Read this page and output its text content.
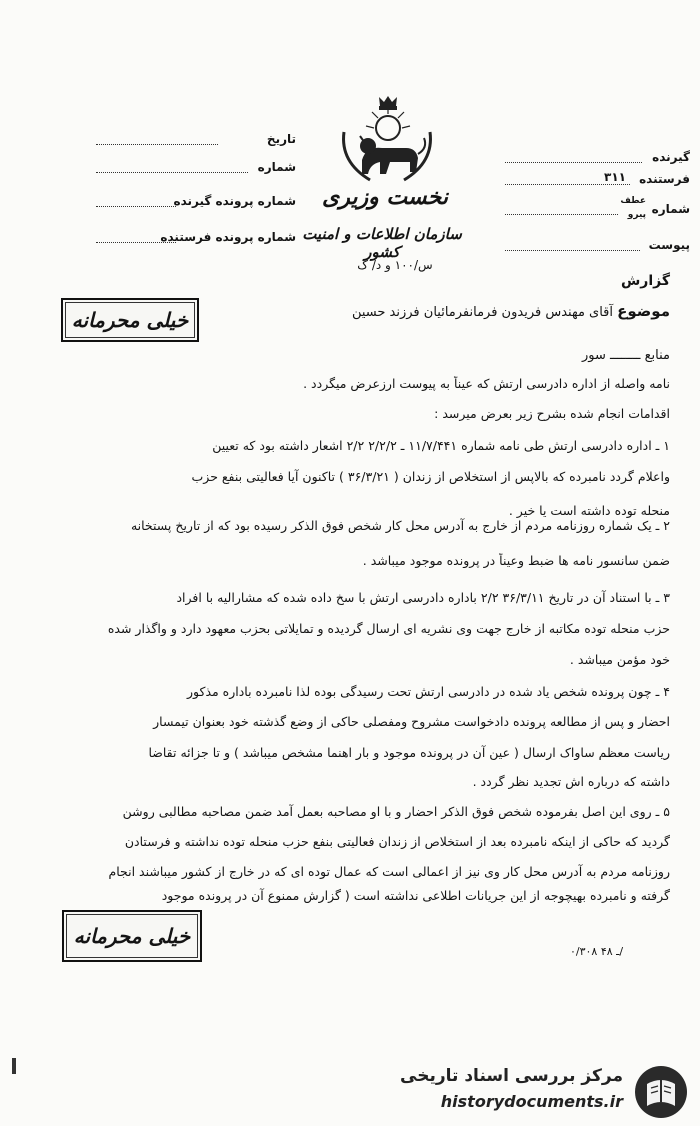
تاریخ
شماره
شماره پرونده گیرنده
شماره پرونده فرستنده
نخست وزیری
سازمان اطلاعات و امنیت کشور
س/۱۰۰ و د/ ک
گیرنده
فرستنده
۳۱۱
شماره
عطف
پیرو
پیوست
گزارش
خیلی محرمانه	موضوع آقای مهندس فریدون فرمانفرمائیان فرزند حسین
منابع ــــــــ سور
نامه واصله از اداره دادرسی ارتش که عیناً به پیوست ارزعرض میگردد .
اقدامات انجام شده بشرح زیر بعرض میرسد :
۱ ـ اداره دادرسی ارتش طی نامه شماره ۱۱/۷/۴۴۱ ـ ۲/۲/۲ ۲/۲ اشعار داشته بود که تعیین
واعلام گردد نامبرده که بالاپس از استخلاص از زندان ( ۳۶/۳/۲۱ ) تاکنون آیا فعالیتی بنفع حزب
منحله توده داشته است یا خیر .
۲ ـ یک شماره روزنامه مردم از خارج به آدرس محل کار شخص فوق الذکر رسیده بود که از تاریخ پستخانه
ضمن سانسور نامه ها ضبط وعیناً در پرونده موجود میباشد .
۳ ـ با استناد آن در تاریخ ۳۶/۳/۱۱ ۲/۲ باداره دادرسی ارتش با سخ داده شده که مشارالیه با افراد
حزب منحله توده مکاتبه از خارج جهت وی نشریه ای ارسال گردیده و تمایلاتی بحزب معهود دارد و واگذار شده
خود مؤمن میباشد .
۴ ـ چون پرونده شخص یاد شده در دادرسی ارتش تحت رسیدگی بوده لذا نامبرده باداره مذکور
احضار و پس از مطالعه پرونده دادخواست مشروح ومفصلی حاکی از وضع گذشته خود بعنوان تیمسار
ریاست معظم ساواک ارسال ( عین آن در پرونده موجود و بار اهنما مشخص میباشد ) و تا جزائه تقاضا
داشته که درباره اش تجدید نظر گردد .
۵ ـ روی این اصل بفرموده شخص فوق الذکر احضار و با او مصاحبه بعمل آمد ضمن مصاحبه مطالبی روشن
گردید که حاکی از اینکه نامبرده بعد از استخلاص از زندان فعالیتی بنفع حزب منحله توده نداشته و فرستادن
روزنامه مردم به آدرس محل کار وی نیز از اعمالی است که عمال توده ای که در خارج از کشور میباشند انجام
گرفته و نامبرده بهیچوجه از این جریانات اطلاعی نداشته است ( گزارش ممنوع آن در پرونده موجود
خیلی محرمانه
۰/۳۰۸ ـ ۴۸/
مرکز بررسی اسناد تاریخی
historydocuments.ir
